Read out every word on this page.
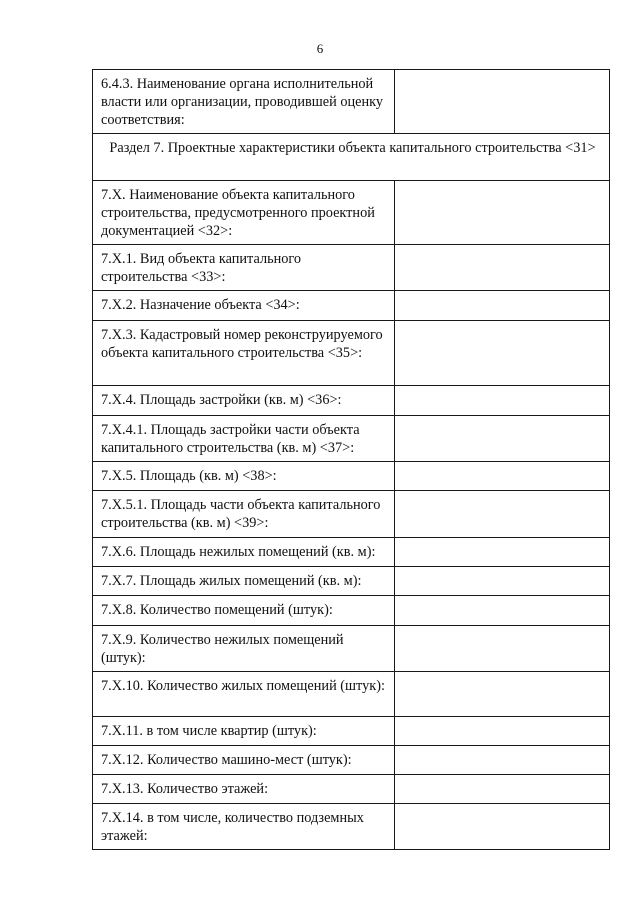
6
6.4.3. Наименование органа исполнительной власти или организации, проводившей оценку соответствия:	
Раздел 7. Проектные характеристики объекта капитального строительства <31>	
7.X. Наименование объекта капитального строительства, предусмотренного проектной документацией <32>:	
7.X.1. Вид объекта капитального строительства <33>:	
7.X.2. Назначение объекта <34>:	
7.X.3. Кадастровый номер реконструируемого объекта капитального строительства <35>:	
7.X.4. Площадь застройки (кв. м) <36>:	
7.X.4.1. Площадь застройки части объекта капитального строительства (кв. м) <37>:	
7.X.5. Площадь (кв. м) <38>:	
7.X.5.1. Площадь части объекта капитального строительства (кв. м) <39>:	
7.X.6. Площадь нежилых помещений (кв. м):	
7.X.7. Площадь жилых помещений (кв. м):	
7.X.8. Количество помещений (штук):	
7.X.9. Количество нежилых помещений (штук):	
7.X.10. Количество жилых помещений (штук):	
7.X.11. в том числе квартир (штук):	
7.X.12. Количество машино-мест (штук):	
7.X.13. Количество этажей:	
7.X.14. в том числе, количество подземных этажей:	
